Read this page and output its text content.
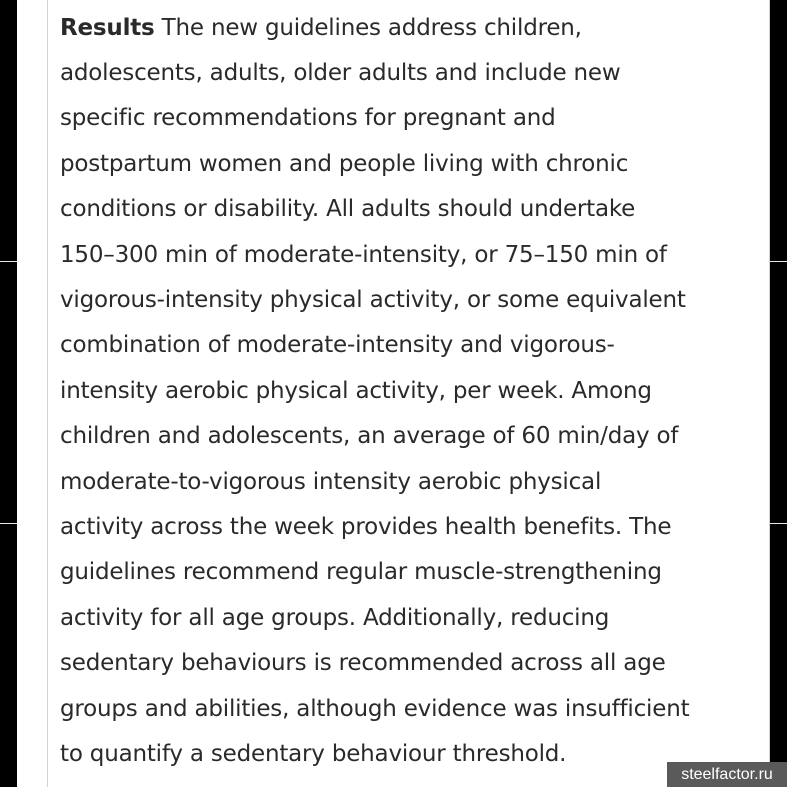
Results The new guidelines address children,

adolescents, adults, older adults and include new

specific recommendations for pregnant and

postpartum women and people living with chronic

conditions or disability. All adults should undertake

150–300 min of moderate-intensity, or 75–150 min of

vigorous-intensity physical activity, or some equivalent

combination of moderate-intensity and vigorous-

intensity aerobic physical activity, per week. Among

children and adolescents, an average of 60 min/day of

moderate-to-vigorous intensity aerobic physical

activity across the week provides health benefits. The

guidelines recommend regular muscle-strengthening

activity for all age groups. Additionally, reducing

sedentary behaviours is recommended across all age

groups and abilities, although evidence was insufficient

to quantify a sedentary behaviour threshold.

steelfactor.ru
